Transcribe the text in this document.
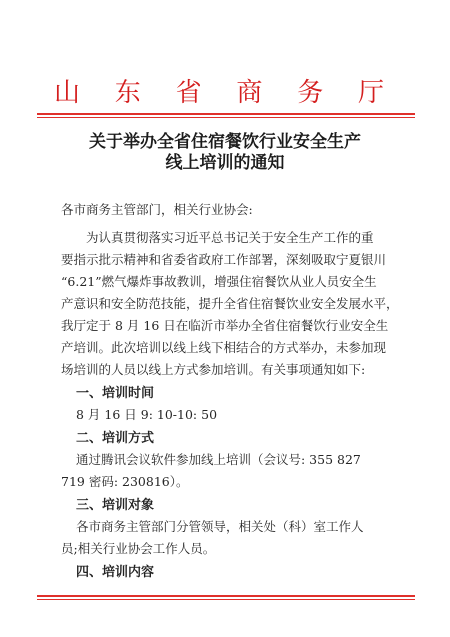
山 东 省 商 务 厅
关于举办全省住宿餐饮行业安全生产
线上培训的通知
各市商务主管部门，相关行业协会:
为认真贯彻落实习近平总书记关于安全生产工作的重
要指示批示精神和省委省政府工作部署，深刻吸取宁夏银川
“6.21”燃气爆炸事故教训，增强住宿餐饮从业人员安全生
产意识和安全防范技能，提升全省住宿餐饮业安全发展水平，
我厅定于 8 月 16 日在临沂市举办全省住宿餐饮行业安全生
产培训。此次培训以线上线下相结合的方式举办，未参加现
场培训的人员以线上方式参加培训。有关事项通知如下:
一、培训时间
8 月 16 日 9: 10-10: 50
二、培训方式
通过腾讯会议软件参加线上培训（会议号: 355 827
719 密码: 230816）。
三、培训对象
各市商务主管部门分管领导，相关处（科）室工作人
员;相关行业协会工作人员。
四、培训内容
